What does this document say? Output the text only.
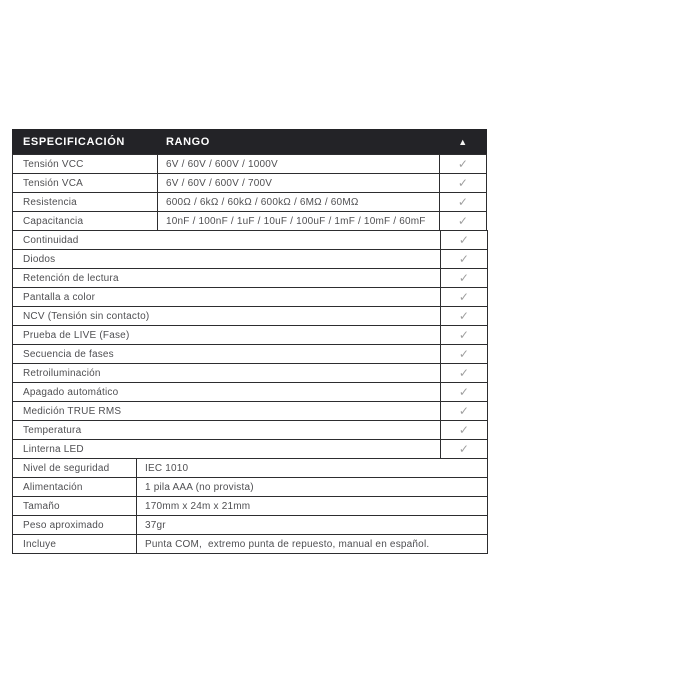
ESPECIFICACIÓN	RANGO	▲
Tensión VCC	6V / 60V / 600V / 1000V	✓
Tensión VCA	6V / 60V / 600V / 700V	✓
Resistencia	600Ω / 6kΩ / 60kΩ / 600kΩ / 6MΩ / 60MΩ	✓
Capacitancia	10nF / 100nF / 1uF / 10uF / 100uF / 1mF / 10mF / 60mF	✓
Continuidad	✓
Diodos	✓
Retención de lectura	✓
Pantalla a color	✓
NCV (Tensión sin contacto)	✓
Prueba de LIVE (Fase)	✓
Secuencia de fases	✓
Retroiluminación	✓
Apagado automático	✓
Medición TRUE RMS	✓
Temperatura	✓
Linterna LED	✓
Nivel de seguridad	IEC 1010
Alimentación	1 pila AAA (no provista)
Tamaño	170mm x 24m x 21mm
Peso aproximado	37gr
Incluye	Punta COM,  extremo punta de repuesto, manual en español.
